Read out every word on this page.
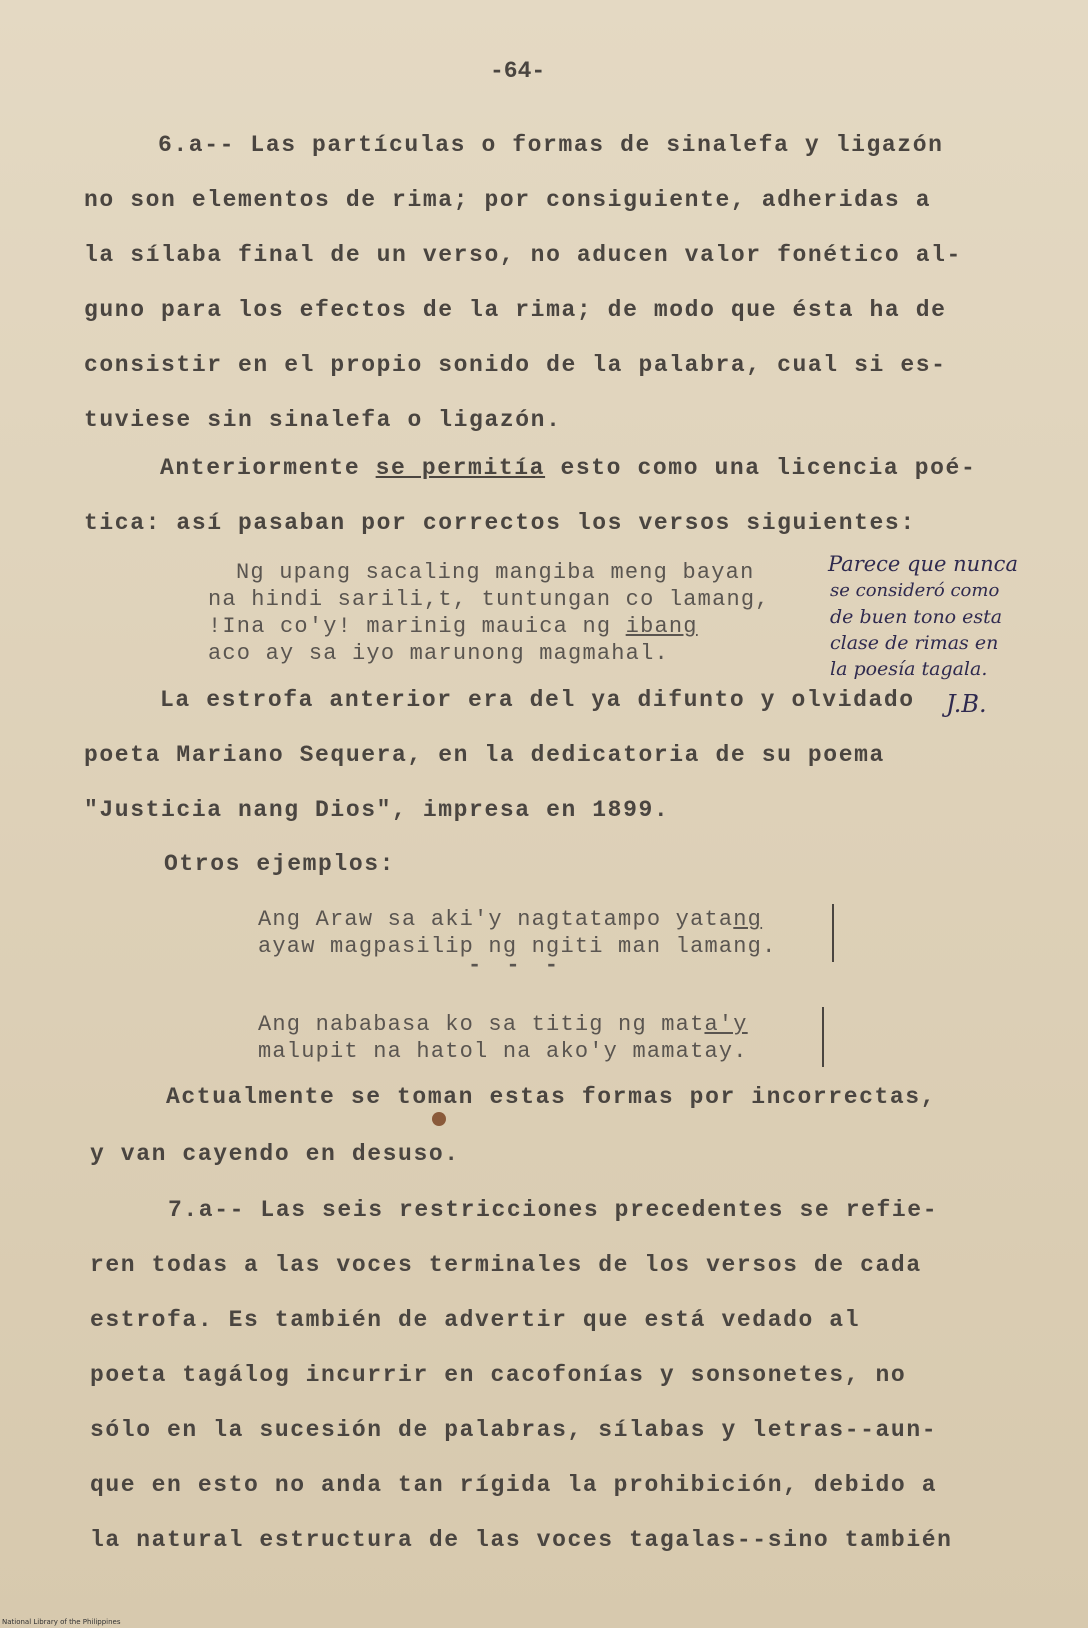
-64-
6.a-- Las partículas o formas de sinalefa y ligazón
no son elementos de rima; por consiguiente, adheridas a
la sílaba final de un verso, no aducen valor fonético al-
guno para los efectos de la rima; de modo que ésta ha de
consistir en el propio sonido de la palabra, cual si es-
tuviese sin sinalefa o ligazón.
Anteriormente se permitía esto como una licencia poé-
tica: así pasaban por correctos los versos siguientes:
Ng upang sacaling mangiba meng bayan
na hindi sarili,t, tuntungan co lamang,
!Ina co'y! marinig mauica ng ibang
aco ay sa iyo marunong magmahal.
Parece que nunca
se consideró como
de buen tono esta
clase de rimas en
la poesía tagala.
J.B.
La estrofa anterior era del ya difunto y olvidado
poeta Mariano Sequera, en la dedicatoria de su poema
"Justicia nang Dios", impresa en 1899.
Otros ejemplos:
Ang Araw sa aki'y nagtatampo yatang
ayaw magpasilip ng ngiti man lamang.
- - -
Ang nababasa ko sa titig ng mata'y
malupit na hatol na ako'y mamatay.
Actualmente se toman estas formas por incorrectas,
y van cayendo en desuso.
7.a-- Las seis restricciones precedentes se refie-
ren todas a las voces terminales de los versos de cada
estrofa. Es también de advertir que está vedado al
poeta tagálog incurrir en cacofonías y sonsonetes, no
sólo en la sucesión de palabras, sílabas y letras--aun-
que en esto no anda tan rígida la prohibición, debido a
la natural estructura de las voces tagalas--sino también
National Library of the Philippines
